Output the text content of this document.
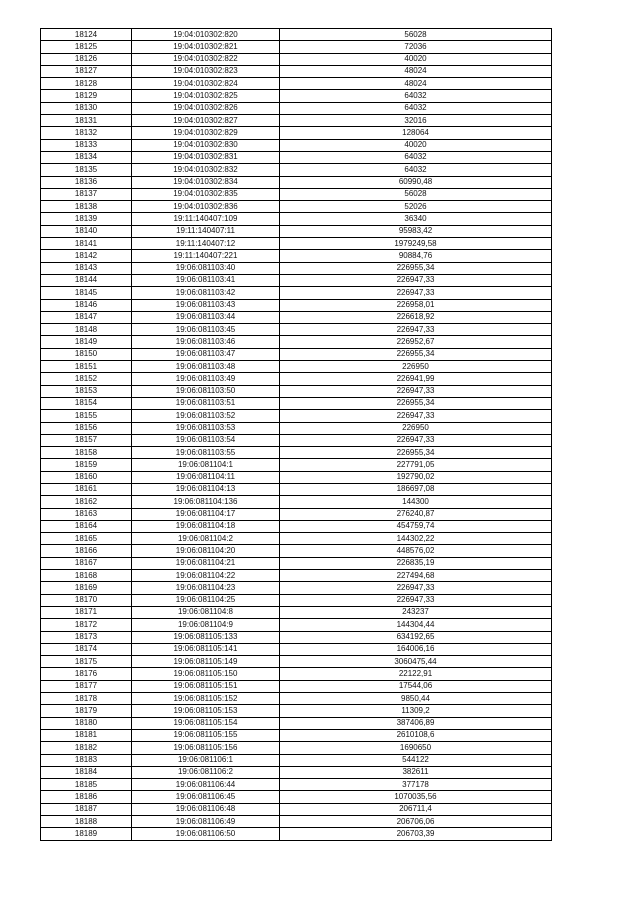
18124	19:04:010302:820	56028
18125	19:04:010302:821	72036
18126	19:04:010302:822	40020
18127	19:04:010302:823	48024
18128	19:04:010302:824	48024
18129	19:04:010302:825	64032
18130	19:04:010302:826	64032
18131	19:04:010302:827	32016
18132	19:04:010302:829	128064
18133	19:04:010302:830	40020
18134	19:04:010302:831	64032
18135	19:04:010302:832	64032
18136	19:04:010302:834	60990,48
18137	19:04:010302:835	56028
18138	19:04:010302:836	52026
18139	19:11:140407:109	36340
18140	19:11:140407:11	95983,42
18141	19:11:140407:12	1979249,58
18142	19:11:140407:221	90884,76
18143	19:06:081103:40	226955,34
18144	19:06:081103:41	226947,33
18145	19:06:081103:42	226947,33
18146	19:06:081103:43	226958,01
18147	19:06:081103:44	226618,92
18148	19:06:081103:45	226947,33
18149	19:06:081103:46	226952,67
18150	19:06:081103:47	226955,34
18151	19:06:081103:48	226950
18152	19:06:081103:49	226941,99
18153	19:06:081103:50	226947,33
18154	19:06:081103:51	226955,34
18155	19:06:081103:52	226947,33
18156	19:06:081103:53	226950
18157	19:06:081103:54	226947,33
18158	19:06:081103:55	226955,34
18159	19:06:081104:1	227791,05
18160	19:06:081104:11	192790,02
18161	19:06:081104:13	186697,08
18162	19:06:081104:136	144300
18163	19:06:081104:17	276240,87
18164	19:06:081104:18	454759,74
18165	19:06:081104:2	144302,22
18166	19:06:081104:20	448576,02
18167	19:06:081104:21	226835,19
18168	19:06:081104:22	227494,68
18169	19:06:081104:23	226947,33
18170	19:06:081104:25	226947,33
18171	19:06:081104:8	243237
18172	19:06:081104:9	144304,44
18173	19:06:081105:133	634192,65
18174	19:06:081105:141	164006,16
18175	19:06:081105:149	3060475,44
18176	19:06:081105:150	22122,91
18177	19:06:081105:151	17544,06
18178	19:06:081105:152	9850,44
18179	19:06:081105:153	11309,2
18180	19:06:081105:154	387406,89
18181	19:06:081105:155	2610108,6
18182	19:06:081105:156	1690650
18183	19:06:081106:1	544122
18184	19:06:081106:2	382611
18185	19:06:081106:44	377178
18186	19:06:081106:45	1070035,56
18187	19:06:081106:48	206711,4
18188	19:06:081106:49	206706,06
18189	19:06:081106:50	206703,39
